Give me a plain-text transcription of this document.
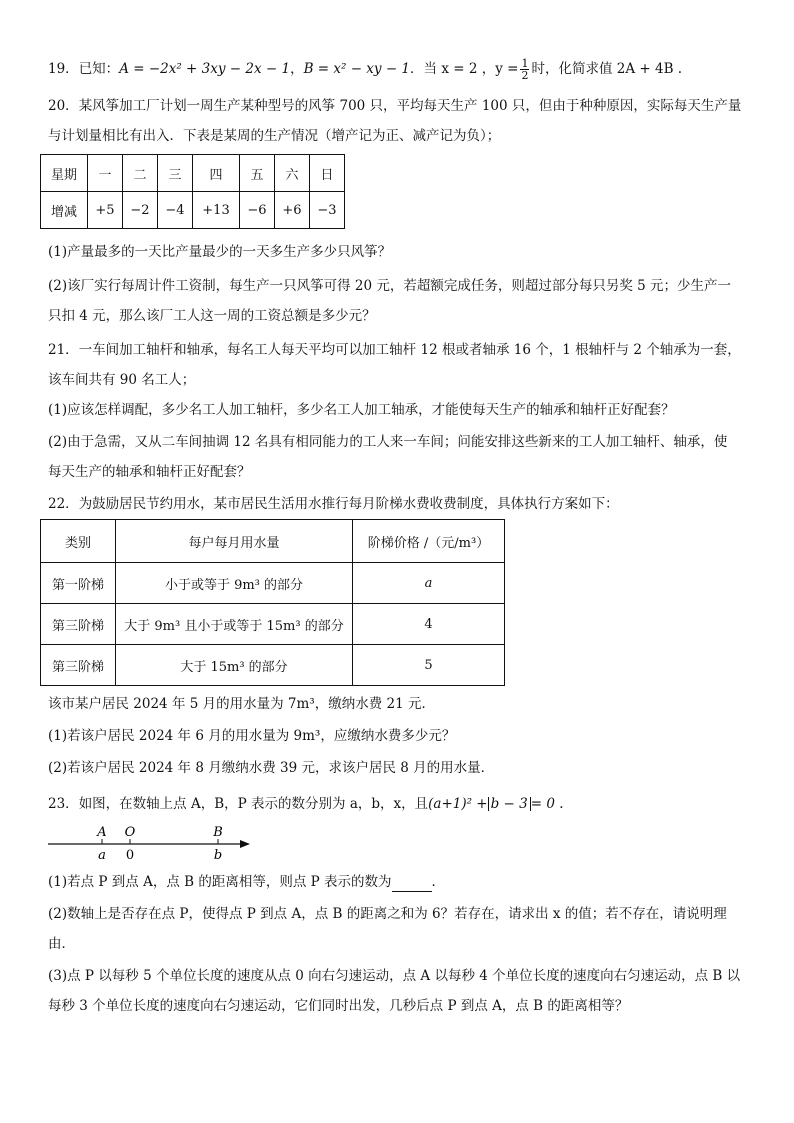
19．已知：A = −2x² + 3xy − 2x − 1，B = x² − xy − 1．当 x = 2 ，$y = \frac{1}{2}$ 时，化简求值 2A + 4B .
20．某风筝加工厂计划一周生产某种型号的风筝 700 只，平均每天生产 100 只，但由于种种原因，实际每天生产量
与计划量相比有出入．下表是某周的生产情况（增产记为正、减产记为负）；
星期	一	二	三	四	五	六	日
增减	+5	−2	−4	+13	−6	+6	−3
(1)产量最多的一天比产量最少的一天多生产多少只风筝？
(2)该厂实行每周计件工资制，每生产一只风筝可得 20 元，若超额完成任务，则超过部分每只另奖 5 元；少生产一
只扣 4 元，那么该厂工人这一周的工资总额是多少元？
21．一车间加工轴杆和轴承，每名工人每天平均可以加工轴杆 12 根或者轴承 16 个，1 根轴杆与 2 个轴承为一套，
该车间共有 90 名工人；
(1)应该怎样调配，多少名工人加工轴杆，多少名工人加工轴承，才能使每天生产的轴承和轴杆正好配套？
(2)由于急需，又从二车间抽调 12 名具有相同能力的工人来一车间；问能安排这些新来的工人加工轴杆、轴承，使
每天生产的轴承和轴杆正好配套？
22．为鼓励居民节约用水，某市居民生活用水推行每月阶梯水费收费制度，具体执行方案如下：
类别	每户每月用水量	阶梯价格 /（元/m³）
第一阶梯	小于或等于 9m³ 的部分	a
第三阶梯	大于 9m³ 且小于或等于 15m³ 的部分	4
第三阶梯	大于 15m³ 的部分	5
该市某户居民 2024 年 5 月的用水量为 7m³，缴纳水费 21 元．
(1)若该户居民 2024 年 6 月的用水量为 9m³，应缴纳水费多少元？
(2)若该户居民 2024 年 8 月缴纳水费 39 元，求该户居民 8 月的用水量．
23．如图，在数轴上点 A，B，P 表示的数分别为 a，b，x，且(a+1)² + b − 3 = 0 .
A O	B
a 0	b
(1)若点 P 到点 A，点 B 的距离相等，则点 P 表示的数为	．
(2)数轴上是否存在点 P，使得点 P 到点 A，点 B 的距离之和为 6？若存在，请求出 x 的值；若不存在，请说明理
由．
(3)点 P 以每秒 5 个单位长度的速度从点 0 向右匀速运动，点 A 以每秒 4 个单位长度的速度向右匀速运动，点 B 以
每秒 3 个单位长度的速度向右匀速运动，它们同时出发，几秒后点 P 到点 A，点 B 的距离相等？
